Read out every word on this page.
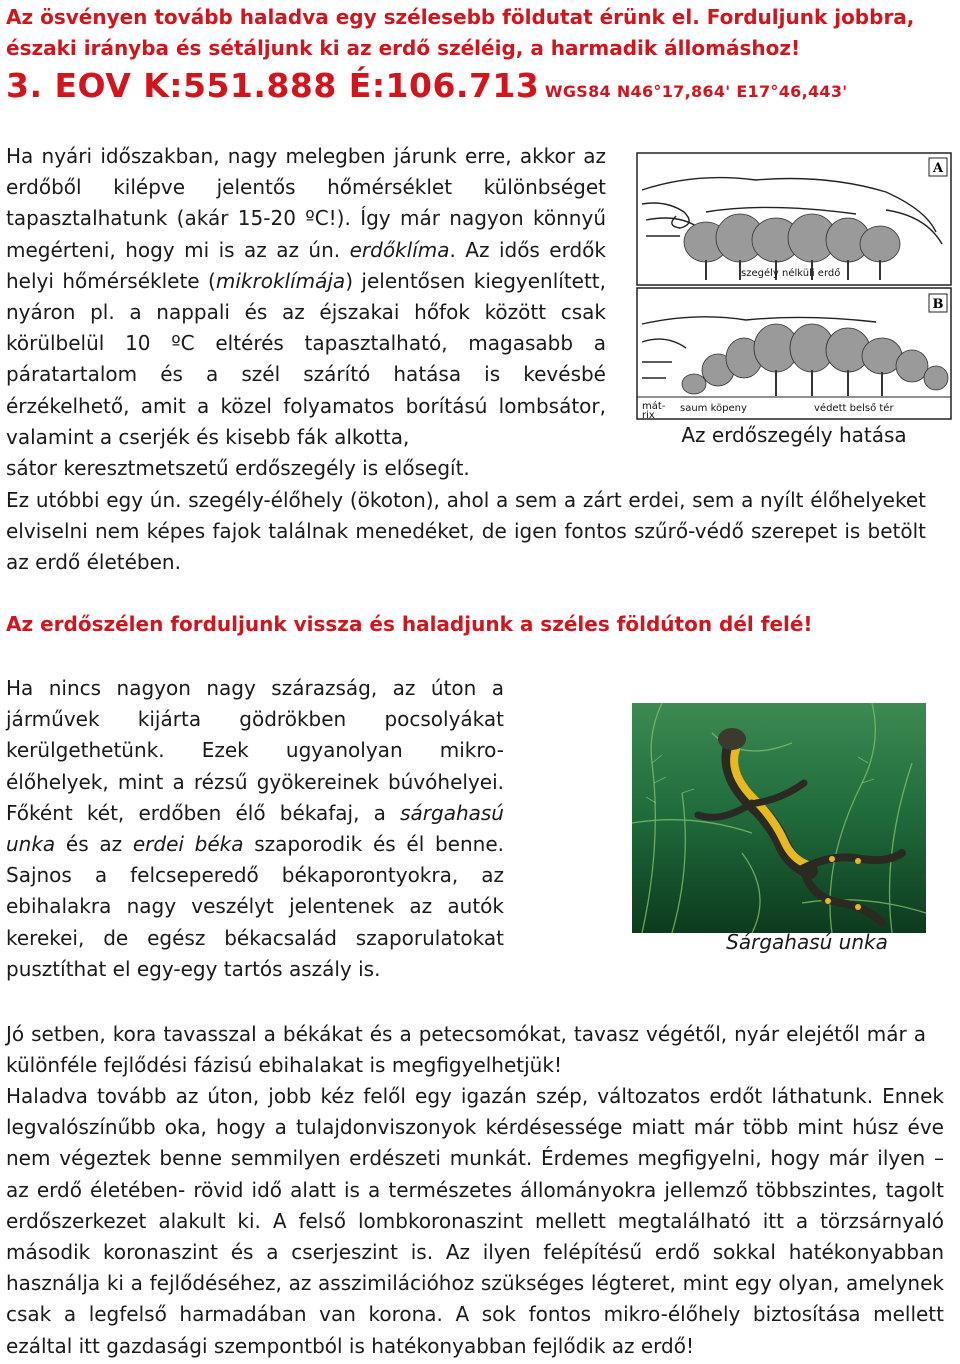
Az ösvényen tovább haladva egy szélesebb földutat érünk el. Forduljunk jobbra, északi irányba és sétáljunk ki az erdő széléig, a harmadik állomáshoz!

3. EOV K:551.888 É:106.713 WGS84 N46°17,864' E17°46,443'

Ha nyári időszakban, nagy melegben járunk erre, akkor az erdőből kilépve jelentős hőmérséklet különbséget tapasztalhatunk (akár 15-20 ºC!). Így már nagyon könnyű megérteni, hogy mi is az az ún. erdőklíma. Az idős erdők helyi hőmérséklete (mikroklímája) jelentősen kiegyenlített, nyáron pl. a nappali és az éjszakai hőfok között csak körülbelül 10 ºC eltérés tapasztalható, magasabb a páratartalom és a szél szárító hatása is kevésbé érzékelhető, amit a közel folyamatos borítású lombsátor, valamint a cserjék és kisebb fák alkotta,

sátor keresztmetszetű erdőszegély is elősegít.

Ez utóbbi egy ún. szegély-élőhely (ökoton), ahol a sem a zárt erdei, sem a nyílt élőhelyeket elviselni nem képes fajok találnak menedéket, de igen fontos szűrő-védő szerepet is betölt az erdő életében.

Az erdőszélen forduljunk vissza és haladjunk a széles földúton dél felé!

Ha nincs nagyon nagy szárazság, az úton a járművek kijárta gödrökben pocsolyákat kerülgethetünk. Ezek ugyanolyan mikro-élőhelyek, mint a rézsű gyökereinek búvóhelyei. Főként két, erdőben élő békafaj, a sárgahasú unka és az erdei béka szaporodik és él benne. Sajnos a felcseperedő békaporontyokra, az ebihalakra nagy veszélyt jelentenek az autók kerekei, de egész békacsalád szaporulatokat pusztíthat el egy-egy tartós aszály is.

Jó setben, kora tavasszal a békákat és a petecsomókat, tavasz végétől, nyár elejétől már a különféle fejlődési fázisú ebihalakat is megfigyelhetjük!

Haladva tovább az úton, jobb kéz felől egy igazán szép, változatos erdőt láthatunk. Ennek legvalószínűbb oka, hogy a tulajdonviszonyok kérdésessége miatt már több mint húsz éve nem végeztek benne semmilyen erdészeti munkát. Érdemes megfigyelni, hogy már ilyen – az erdő életében- rövid idő alatt is a természetes állományokra jellemző többszintes, tagolt erdőszerkezet alakult ki. A felső lombkoronaszint mellett megtalálható itt a törzsárnyaló második koronaszint és a cserjeszint is. Az ilyen felépítésű erdő sokkal hatékonyabban használja ki a fejlődéséhez, az asszimilációhoz szükséges légteret, mint egy olyan, amelynek csak a legfelső harmadában van korona. A sok fontos mikro-élőhely biztosítása mellett ezáltal itt gazdasági szempontból is hatékonyabban fejlődik az erdő!

A
szegély nélküli erdő
B
mát-
rix
saum köpeny	védett belső tér
Az erdőszegély hatása
Sárgahasú unka
